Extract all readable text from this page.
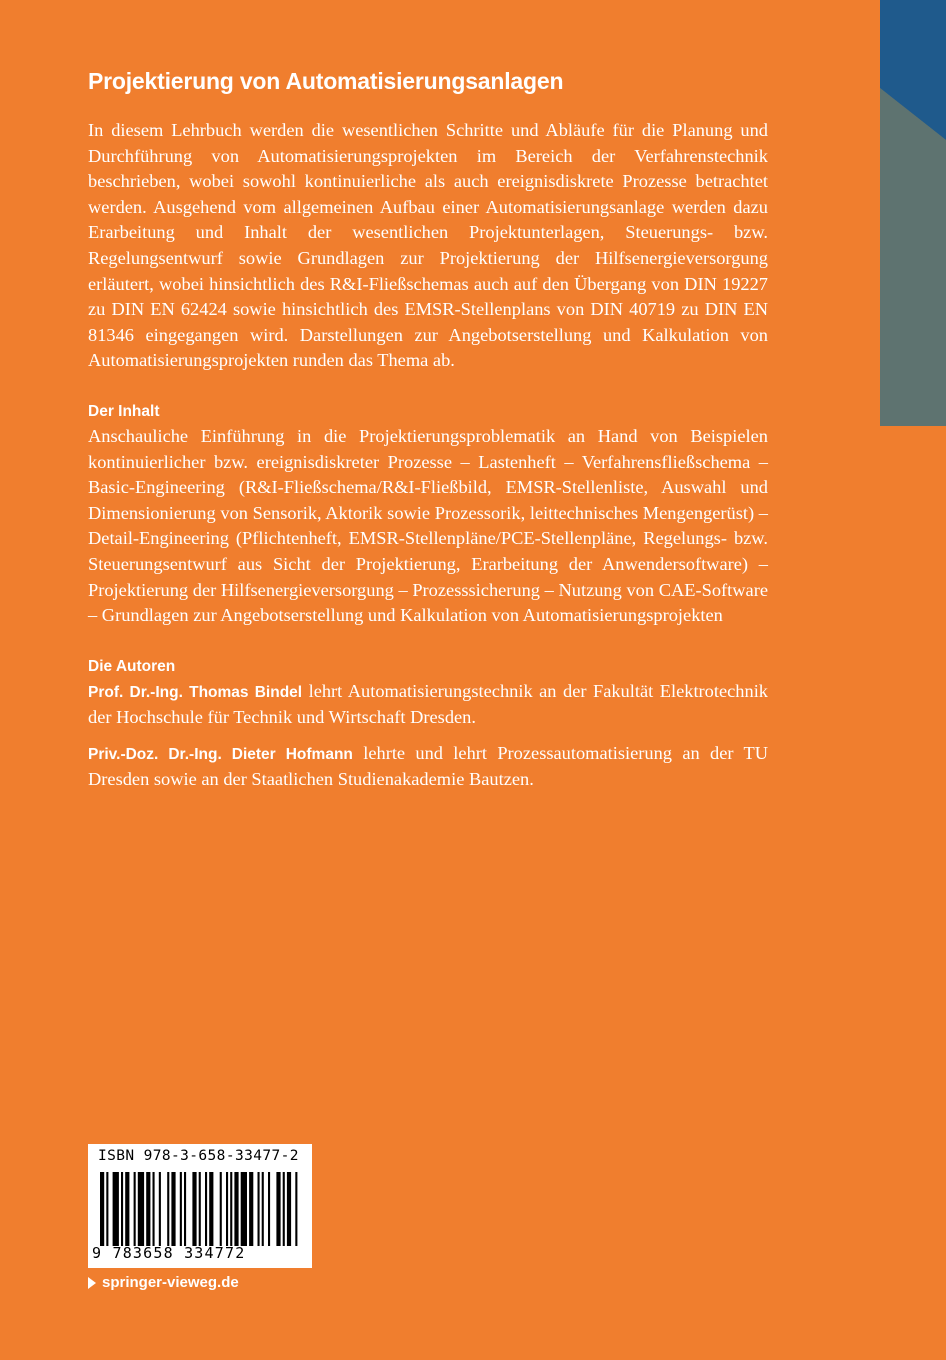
Projektierung von Automatisierungsanlagen

In diesem Lehrbuch werden die wesentlichen Schritte und Abläufe für die Planung und Durchführung von Automatisierungsprojekten im Bereich der Verfahrenstechnik beschrieben, wobei sowohl kontinuierliche als auch ereignisdiskrete Prozesse betrachtet werden. Ausgehend vom allgemeinen Aufbau einer Automatisierungsanlage werden dazu Erarbeitung und Inhalt der wesentlichen Projektunterlagen, Steuerungs- bzw. Regelungsentwurf sowie Grundlagen zur Projektierung der Hilfsenergieversorgung erläutert, wobei hinsichtlich des R&I-Fließschemas auch auf den Übergang von DIN 19227 zu DIN EN 62424 sowie hinsichtlich des EMSR-Stellenplans von DIN 40719 zu DIN EN 81346 eingegangen wird. Darstellungen zur Angebotserstellung und Kalkulation von Automatisierungsprojekten runden das Thema ab.

Der Inhalt

Anschauliche Einführung in die Projektierungsproblematik an Hand von Beispielen kontinuierlicher bzw. ereignisdiskreter Prozesse – Lastenheft – Verfahrensfließschema – Basic-Engineering (R&I-Fließschema/R&I-Fließbild, EMSR-Stellenliste, Auswahl und Dimensionierung von Sensorik, Aktorik sowie Prozessorik, leittechnisches Mengengerüst) – Detail-Engineering (Pflichtenheft, EMSR-Stellenpläne/PCE-Stellenpläne, Regelungs- bzw. Steuerungsentwurf aus Sicht der Projektierung, Erarbeitung der Anwendersoftware) – Projektierung der Hilfsenergieversorgung – Prozesssicherung – Nutzung von CAE-Software – Grundlagen zur Angebotserstellung und Kalkulation von Automatisierungsprojekten

Die Autoren

Prof. Dr.-Ing. Thomas Bindel lehrt Automatisierungstechnik an der Fakultät Elektrotechnik der Hochschule für Technik und Wirtschaft Dresden.

Priv.-Doz. Dr.-Ing. Dieter Hofmann lehrte und lehrt Prozessautomatisierung an der TU Dresden sowie an der Staatlichen Studienakademie Bautzen.

ISBN 978-3-658-33477-2
9 783658 334772
springer-vieweg.de
